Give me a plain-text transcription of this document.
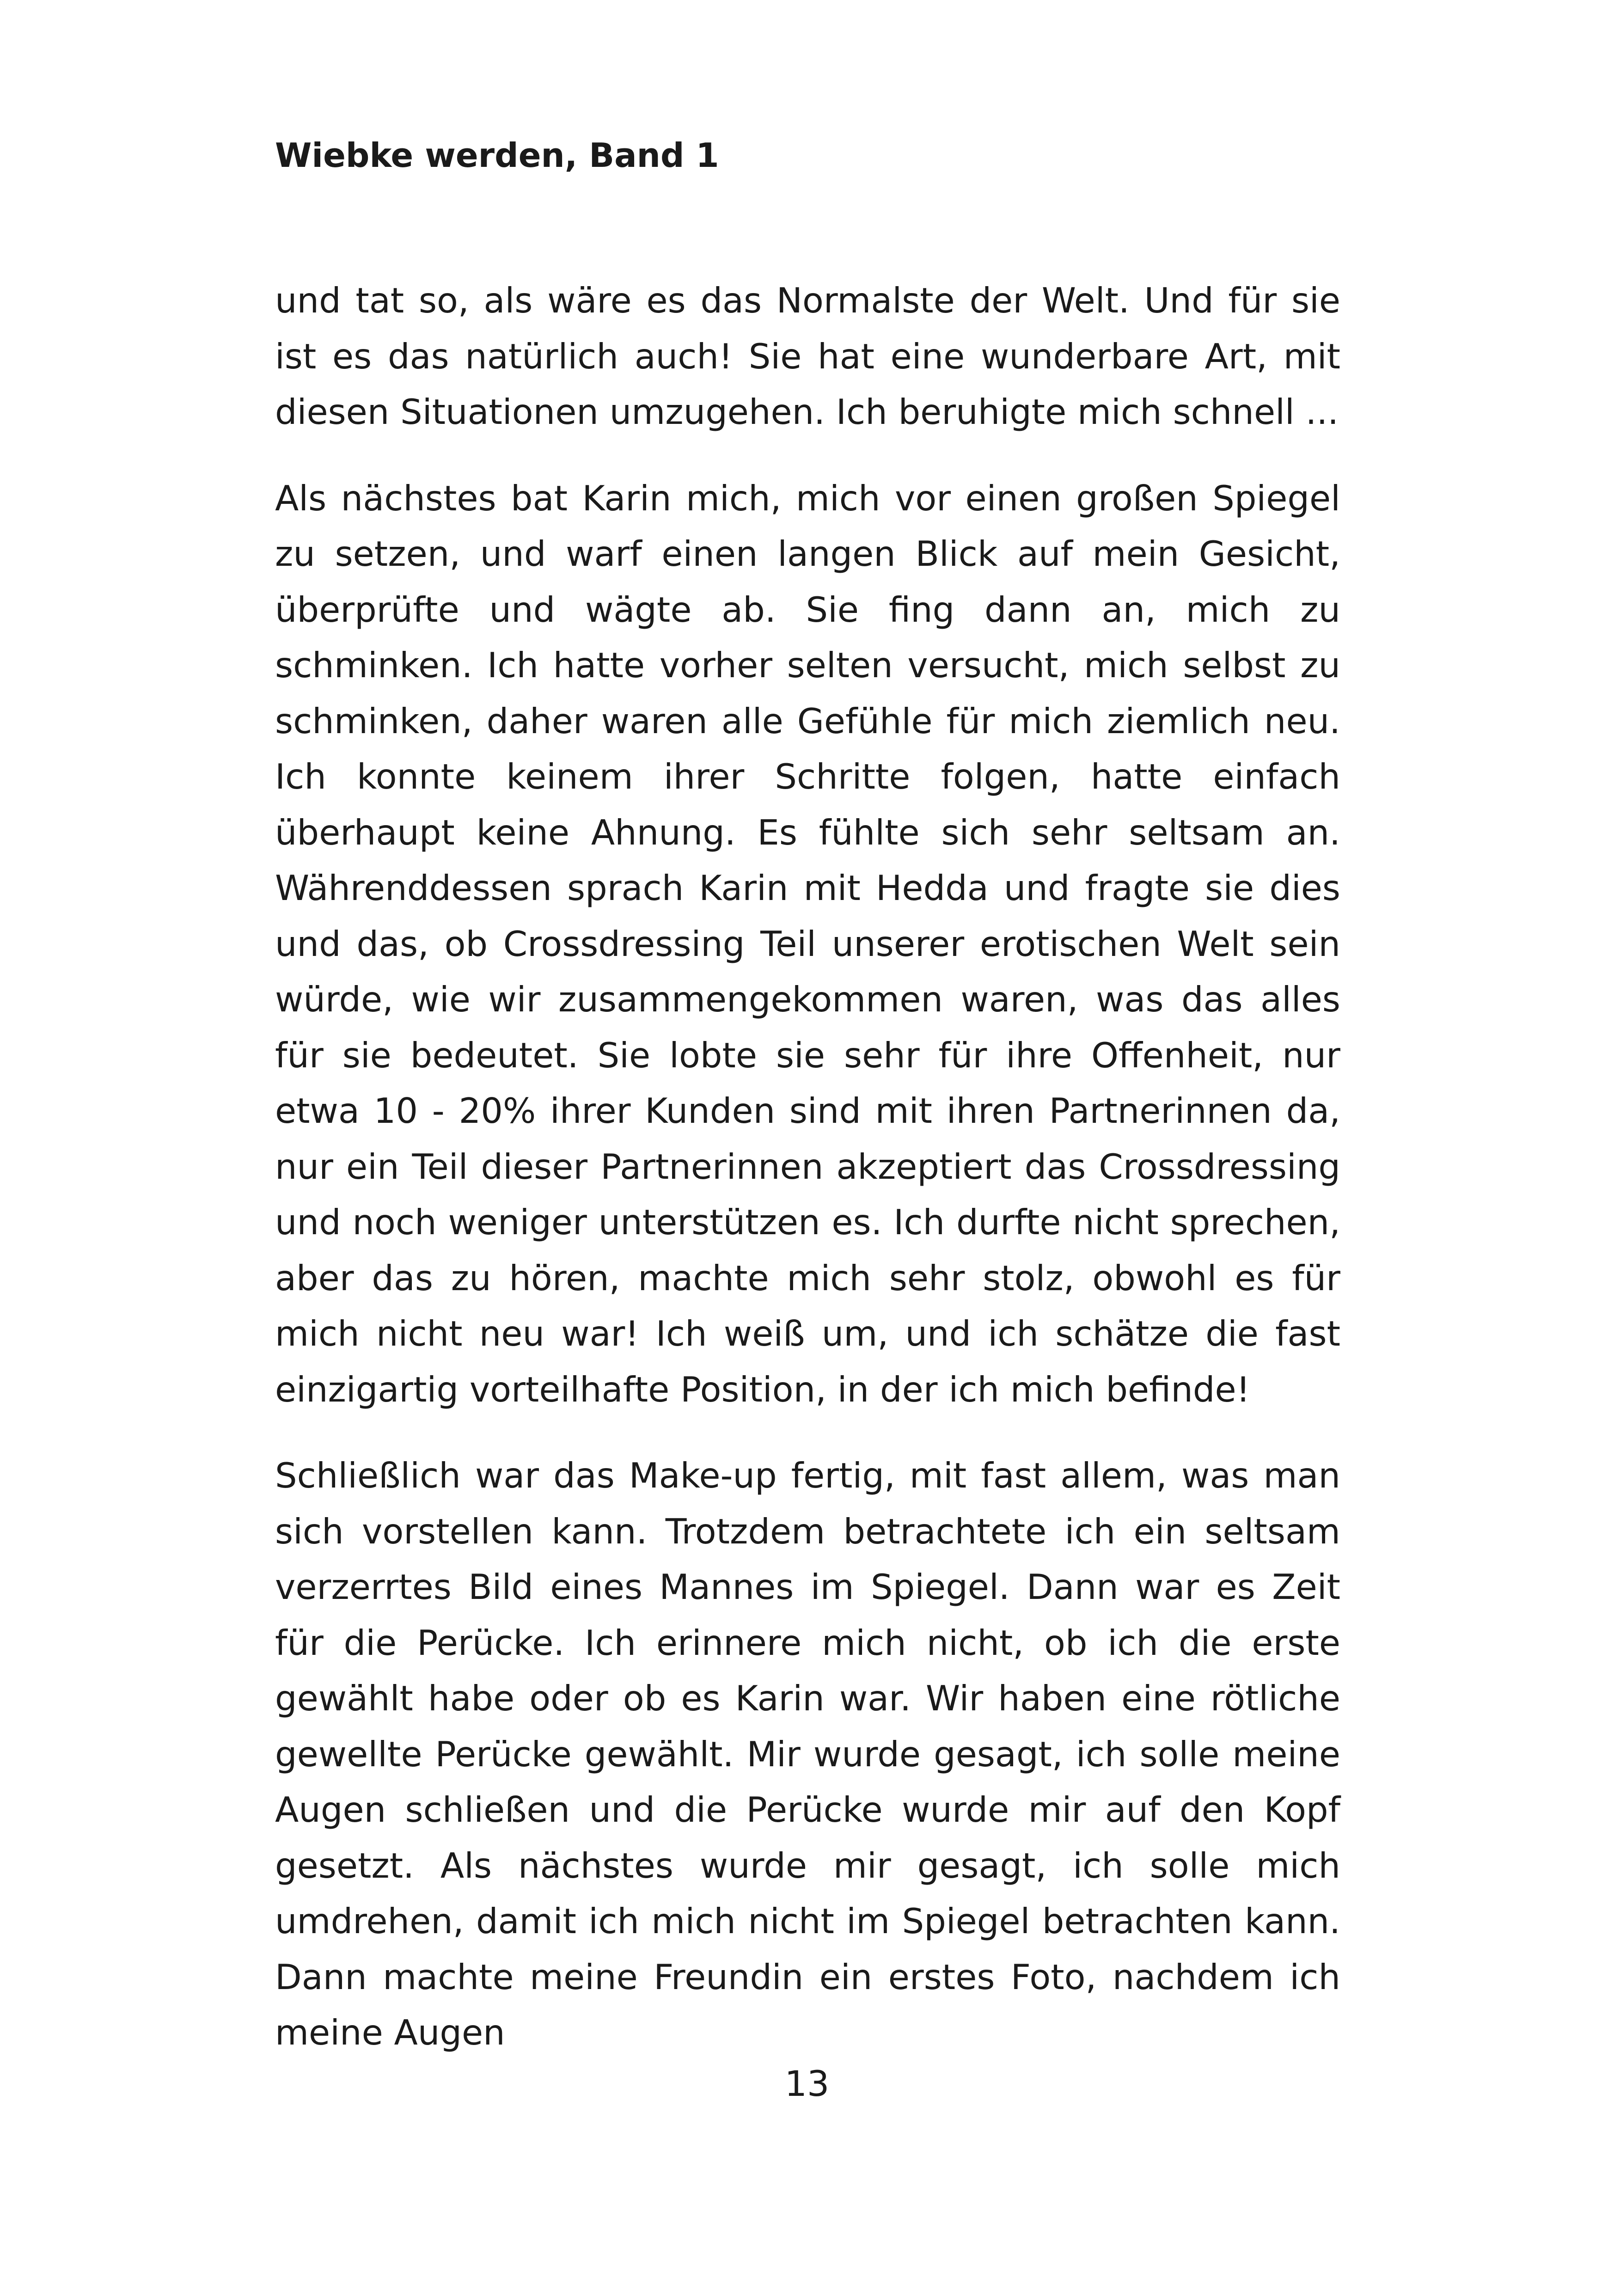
Wiebke werden, Band 1

und tat so, als wäre es das Normalste der Welt. Und für sie ist es das natürlich auch! Sie hat eine wunderbare Art, mit diesen Situationen umzugehen. Ich beruhigte mich schnell ...

Als nächstes bat Karin mich, mich vor einen großen Spiegel zu setzen, und warf einen langen Blick auf mein Gesicht, überprüfte und wägte ab. Sie fing dann an, mich zu schminken. Ich hatte vorher selten versucht, mich selbst zu schminken, daher waren alle Gefühle für mich ziemlich neu. Ich konnte keinem ihrer Schritte folgen, hatte einfach überhaupt keine Ahnung. Es fühlte sich sehr seltsam an. Währenddessen sprach Karin mit Hedda und fragte sie dies und das, ob Crossdressing Teil unserer erotischen Welt sein würde, wie wir zusammengekommen waren, was das alles für sie bedeutet. Sie lobte sie sehr für ihre Offenheit, nur etwa 10 - 20% ihrer Kunden sind mit ihren Partnerinnen da, nur ein Teil dieser Partnerinnen akzeptiert das Crossdressing und noch weniger unterstützen es. Ich durfte nicht sprechen, aber das zu hören, machte mich sehr stolz, obwohl es für mich nicht neu war! Ich weiß um, und ich schätze die fast einzigartig vorteilhafte Position, in der ich mich befinde!

Schließlich war das Make-up fertig, mit fast allem, was man sich vorstellen kann. Trotzdem betrachtete ich ein seltsam verzerrtes Bild eines Mannes im Spiegel. Dann war es Zeit für die Perücke. Ich erinnere mich nicht, ob ich die erste gewählt habe oder ob es Karin war. Wir haben eine rötliche gewellte Perücke gewählt. Mir wurde gesagt, ich solle meine Augen schließen und die Perücke wurde mir auf den Kopf gesetzt. Als nächstes wurde mir gesagt, ich solle mich umdrehen, damit ich mich nicht im Spiegel betrachten kann. Dann machte meine Freundin ein erstes Foto, nachdem ich meine Augen

13
